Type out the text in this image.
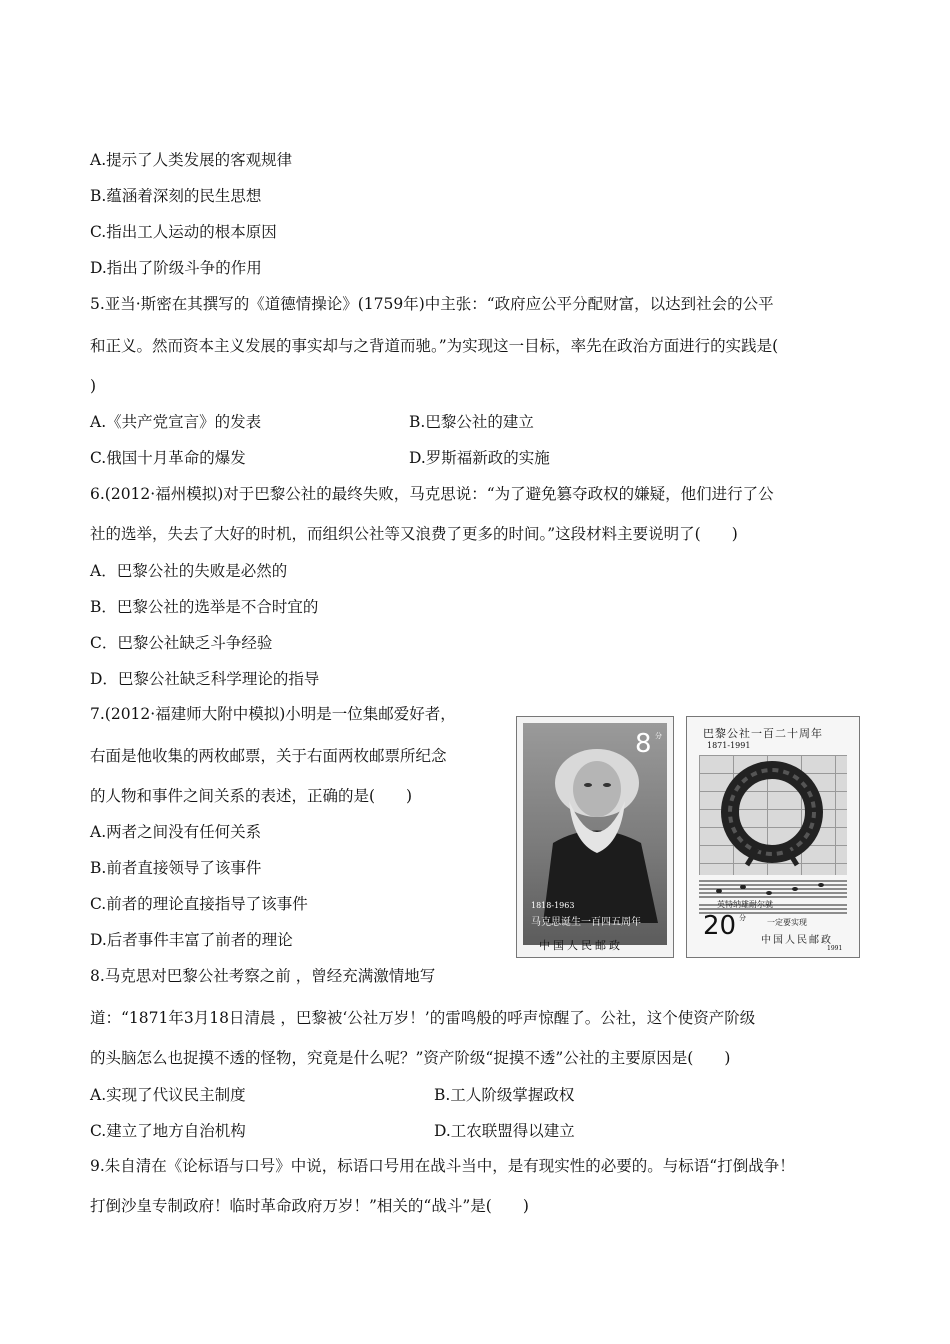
A.提示了人类发展的客观规律
B.蕴涵着深刻的民生思想
C.指出工人运动的根本原因
D.指出了阶级斗争的作用
5.亚当·斯密在其撰写的《道德情操论》(1759年)中主张：“政府应公平分配财富，以达到社会的公平
和正义。然而资本主义发展的事实却与之背道而驰。”为实现这一目标，率先在政治方面进行的实践是(
)
A.《共产党宣言》的发表	B.巴黎公社的建立
C.俄国十月革命的爆发	D.罗斯福新政的实施
6.(2012·福州模拟)对于巴黎公社的最终失败，马克思说：“为了避免篡夺政权的嫌疑，他们进行了公
社的选举，失去了大好的时机，而组织公社等又浪费了更多的时间。”这段材料主要说明了(　　)
A．巴黎公社的失败是必然的
B．巴黎公社的选举是不合时宜的
C．巴黎公社缺乏斗争经验
D．巴黎公社缺乏科学理论的指导
7.(2012·福建师大附中模拟)小明是一位集邮爱好者，
右面是他收集的两枚邮票，关于右面两枚邮票所纪念
的人物和事件之间关系的表述，正确的是(　　)
A.两者之间没有任何关系
B.前者直接领导了该事件
C.前者的理论直接指导了该事件
D.后者事件丰富了前者的理论
8.马克思对巴黎公社考察之前 ，曾经充满激情地写
道：“1871年3月18日清晨 ，巴黎被‘公社万岁！’的雷鸣般的呼声惊醒了。公社，这个使资产阶级
的头脑怎么也捉摸不透的怪物，究竟是什么呢？”资产阶级“捉摸不透”公社的主要原因是(　　)
A.实现了代议民主制度	B.工人阶级掌握政权
C.建立了地方自治机构	D.工农联盟得以建立
9.朱自清在《论标语与口号》中说，标语口号用在战斗当中，是有现实性的必要的。与标语“打倒战争！
打倒沙皇专制政府！临时革命政府万岁！”相关的“战斗”是(　　)
8 分
1818-1963
马克思诞生一百四五周年
中国人民邮政
巴黎公社一百二十周年
1871-1991
英特纳雄耐尔就
一定要实现
20 分
中国人民邮政
1991
